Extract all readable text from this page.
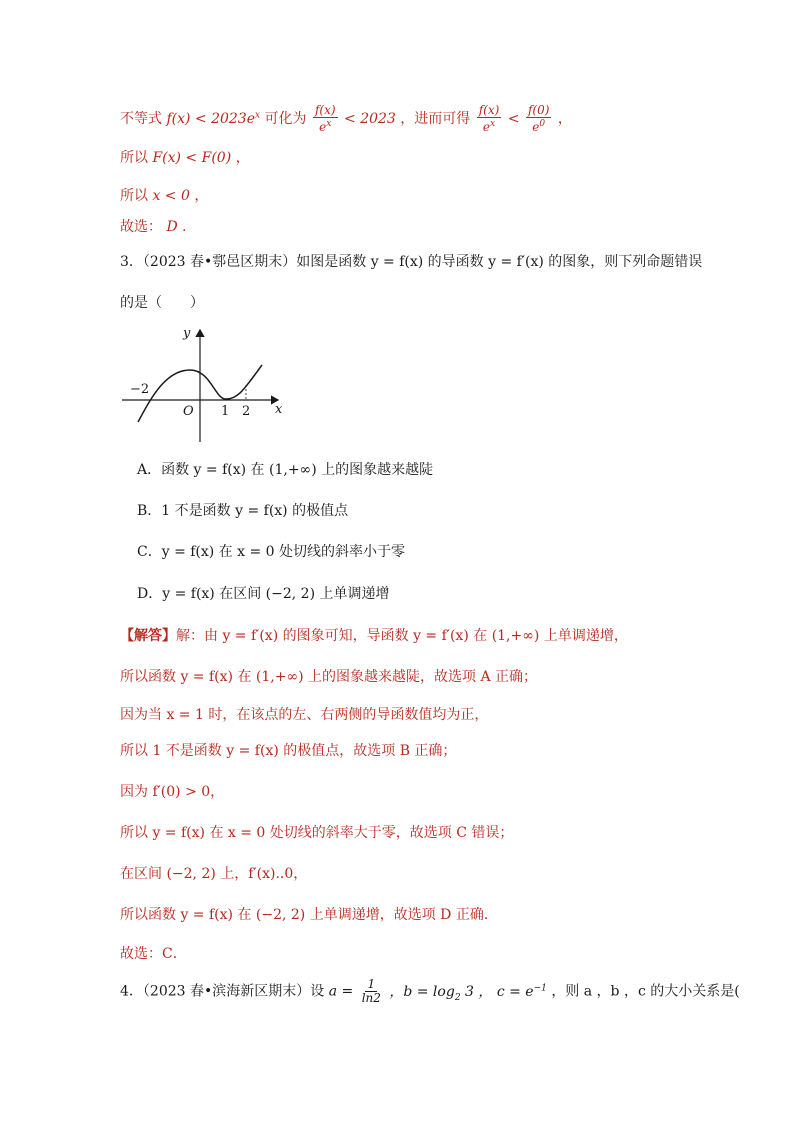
不等式 $f(x) < 2023e^x$ 可化为 $\frac{f(x)}{e^x} < 2023$ ，进而可得 $\frac{f(x)}{e^x} < \frac{f(0)}{e^0}$ ，
所以 F(x) < F(0) ，
所以 x < 0 ，
故选： D ．
3．（2023 春•鄠邑区期末）如图是函数 y = f(x) 的导函数 y = f′(x) 的图象，则下列命题错误
的是（　　）
y
x
O
−2
1 2
A．函数 y = f(x) 在 (1,+∞) 上的图象越来越陡
B．1 不是函数 y = f(x) 的极值点
C．y = f(x) 在 x = 0 处切线的斜率小于零
D．y = f(x) 在区间 (−2, 2) 上单调递增
【解答】解：由 y = f′(x) 的图象可知，导函数 y = f′(x) 在 (1,+∞) 上单调递增，
所以函数 y = f(x) 在 (1,+∞) 上的图象越来越陡，故选项 A 正确；
因为当 x = 1 时，在该点的左、右两侧的导函数值均为正，
所以 1 不是函数 y = f(x) 的极值点，故选项 B 正确；
因为 f′(0) > 0，
所以 y = f(x) 在 x = 0 处切线的斜率大于零，故选项 C 错误；
在区间 (−2, 2) 上，f′(x)..0，
所以函数 y = f(x) 在 (−2, 2) 上单调递增，故选项 D 正确．
故选：C．
4．（2023 春•滨海新区期末）设 $a = \frac{1}{\ln 2}$ ，$b = \log_2 3$ ， $c = e^{-1}$ ，则 a ，b ，c 的大小关系是(
